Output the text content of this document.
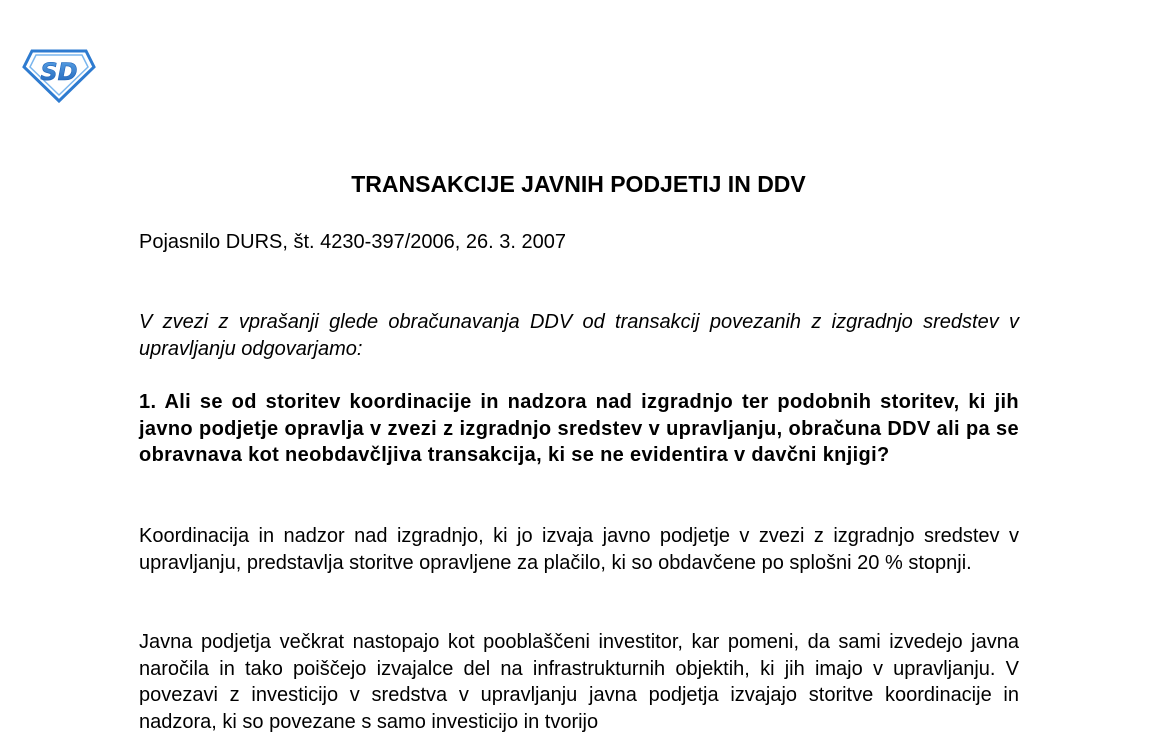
SD
TRANSAKCIJE JAVNIH PODJETIJ IN DDV
Pojasnilo DURS, št. 4230-397/2006, 26. 3. 2007

V zvezi z vprašanji glede obračunavanja DDV od transakcij povezanih z izgradnjo sredstev v upravljanju odgovarjamo:

1. Ali se od storitev koordinacije in nadzora nad izgradnjo ter podobnih storitev, ki jih javno podjetje opravlja v zvezi z izgradnjo sredstev v upravljanju, obračuna DDV ali pa se obravnava kot neobdavčljiva transakcija, ki se ne evidentira v davčni knjigi?

Koordinacija in nadzor nad izgradnjo, ki jo izvaja javno podjetje v zvezi z izgradnjo sredstev v upravljanju, predstavlja storitve opravljene za plačilo, ki so obdavčene po splošni 20 % stopnji.

Javna podjetja večkrat nastopajo kot pooblaščeni investitor, kar pomeni, da sami izvedejo javna naročila in tako poiščejo izvajalce del na infrastrukturnih objektih, ki jih imajo v upravljanju. V povezavi z investicijo v sredstva v upravljanju javna podjetja izvajajo storitve koordinacije in nadzora, ki so povezane s samo investicijo in tvorijo
